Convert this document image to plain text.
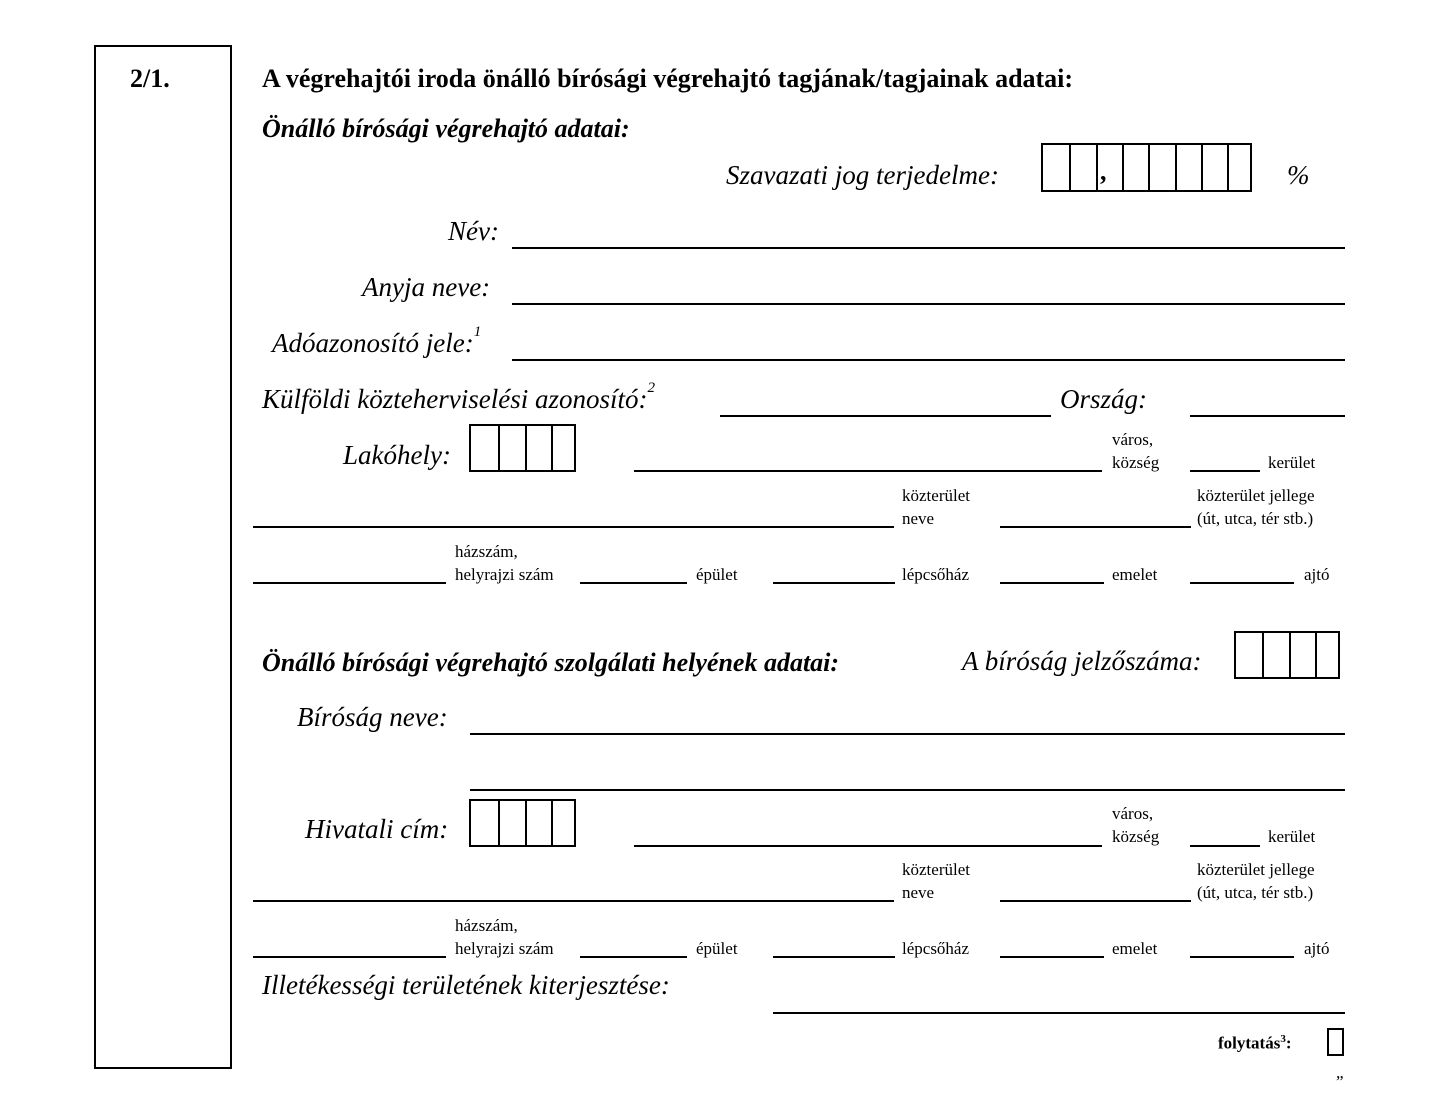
2/1.	A végrehajtói iroda önálló bírósági végrehajtó tagjának/tagjainak adatai:
Önálló bírósági végrehajtó adatai:
Szavazati jog terjedelme:	,	%
Név:
Anyja neve:
Adóazonosító jele:$^1$
Külföldi közteherviselési azonosító:$^2$	Ország:
Lakóhely:
város,
község	kerület
közterület
neve
közterület jellege
(út, utca, tér stb.)
házszám,
helyrajzi szám	épület	lépcsőház	emelet	ajtó
Önálló bírósági végrehajtó szolgálati helyének adatai:	A bíróság jelzőszáma:
Bíróság neve:
Hivatali cím:
város,
község	kerület
közterület
neve
közterület jellege
(út, utca, tér stb.)
házszám,
helyrajzi szám	épület	lépcsőház	emelet	ajtó
Illetékességi területének kiterjesztése:
folytatás$^3$:
”
